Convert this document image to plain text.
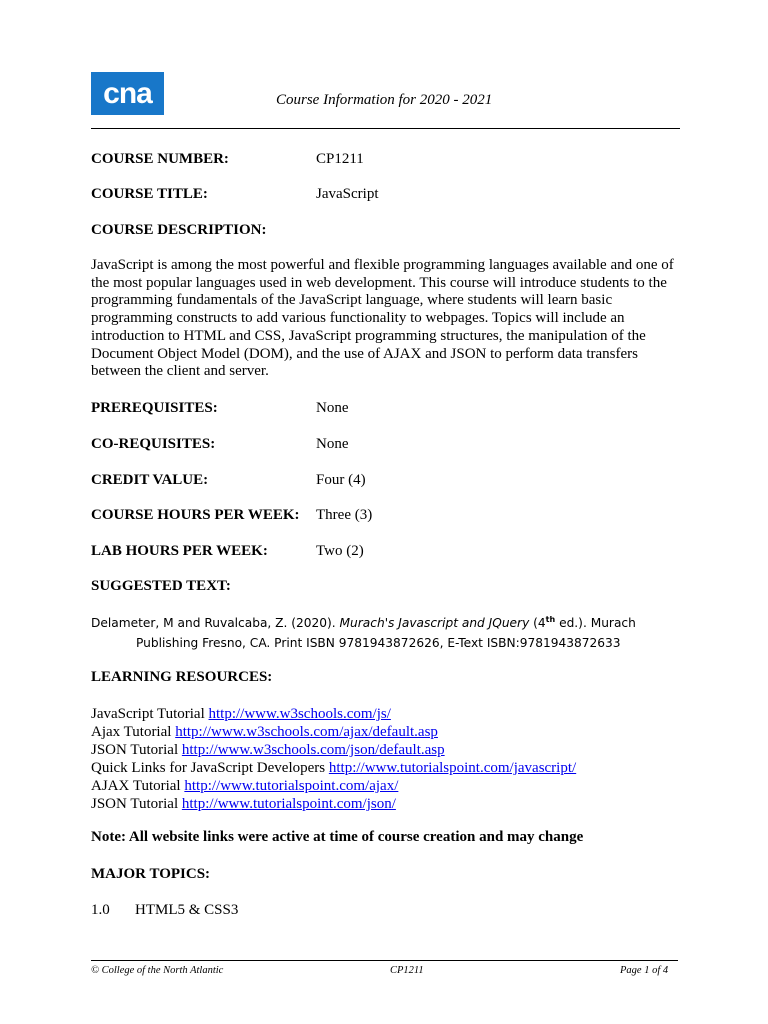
cna	Course Information for 2020 - 2021
COURSE NUMBER:	CP1211
COURSE TITLE:	JavaScript
COURSE DESCRIPTION:
JavaScript is among the most powerful and flexible programming languages available and one of
the most popular languages used in web development. This course will introduce students to the
programming fundamentals of the JavaScript language, where students will learn basic
programming constructs to add various functionality to webpages. Topics will include an
introduction to HTML and CSS, JavaScript programming structures, the manipulation of the
Document Object Model (DOM), and the use of AJAX and JSON to perform data transfers
between the client and server.
PREREQUISITES:	None
CO-REQUISITES:	None
CREDIT VALUE:	Four (4)
COURSE HOURS PER WEEK: Three (3)
LAB HOURS PER WEEK:	Two (2)
SUGGESTED TEXT:
Delameter, M and Ruvalcaba, Z. (2020). Murach's Javascript and JQuery (4th ed.). Murach
Publishing Fresno, CA. Print ISBN 9781943872626, E-Text ISBN:9781943872633
LEARNING RESOURCES:
JavaScript Tutorial http://www.w3schools.com/js/
Ajax Tutorial http://www.w3schools.com/ajax/default.asp
JSON Tutorial http://www.w3schools.com/json/default.asp
Quick Links for JavaScript Developers http://www.tutorialspoint.com/javascript/
AJAX Tutorial http://www.tutorialspoint.com/ajax/
JSON Tutorial http://www.tutorialspoint.com/json/
Note: All website links were active at time of course creation and may change
MAJOR TOPICS:
1.0 HTML5 & CSS3
© College of the North Atlantic	CP1211	Page 1 of 4
